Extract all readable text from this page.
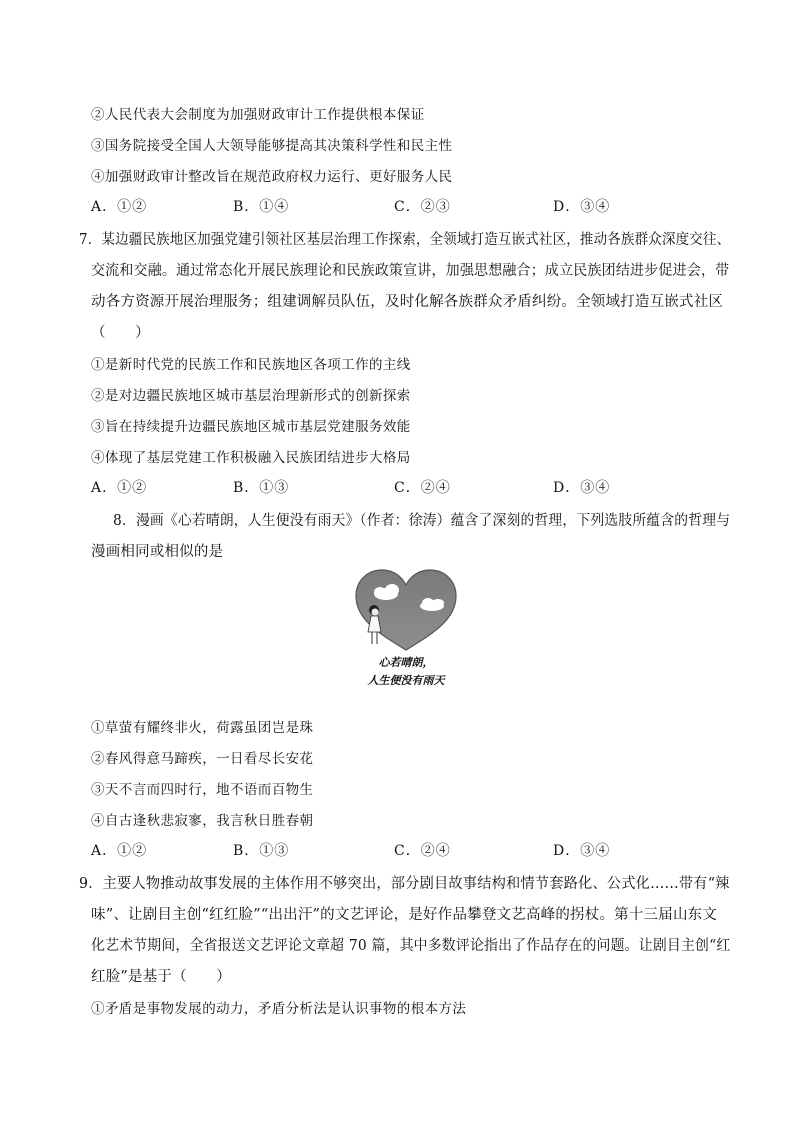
②人民代表大会制度为加强财政审计工作提供根本保证
③国务院接受全国人大领导能够提高其决策科学性和民主性
④加强财政审计整改旨在规范政府权力运行、更好服务人民
A．①②	B．①④	C．②③	D．③④
7．某边疆民族地区加强党建引领社区基层治理工作探索，全领域打造互嵌式社区，推动各族群众深度交往、
交流和交融。通过常态化开展民族理论和民族政策宣讲，加强思想融合；成立民族团结进步促进会，带
动各方资源开展治理服务；组建调解员队伍，及时化解各族群众矛盾纠纷。全领域打造互嵌式社区
（　　）
①是新时代党的民族工作和民族地区各项工作的主线
②是对边疆民族地区城市基层治理新形式的创新探索
③旨在持续提升边疆民族地区城市基层党建服务效能
④体现了基层党建工作积极融入民族团结进步大格局
A．①②	B．①③	C．②④	D．③④
8．漫画《心若晴朗，人生便没有雨天》（作者：徐涛）蕴含了深刻的哲理，下列选肢所蕴含的哲理与
漫画相同或相似的是
心若晴朗，
人生便没有雨天
①草萤有耀终非火，荷露虽团岂是珠
②春风得意马蹄疾，一日看尽长安花
③天不言而四时行，地不语而百物生
④自古逢秋悲寂寥，我言秋日胜春朝
A．①②	B．①③	C．②④	D．③④
9．主要人物推动故事发展的主体作用不够突出，部分剧目故事结构和情节套路化、公式化……带有“辣
味”、让剧目主创“红红脸”“出出汗”的文艺评论，是好作品攀登文艺高峰的拐杖。第十三届山东文
化艺术节期间，全省报送文艺评论文章超 70 篇，其中多数评论指出了作品存在的问题。让剧目主创“红
红脸”是基于（　　）
①矛盾是事物发展的动力，矛盾分析法是认识事物的根本方法
